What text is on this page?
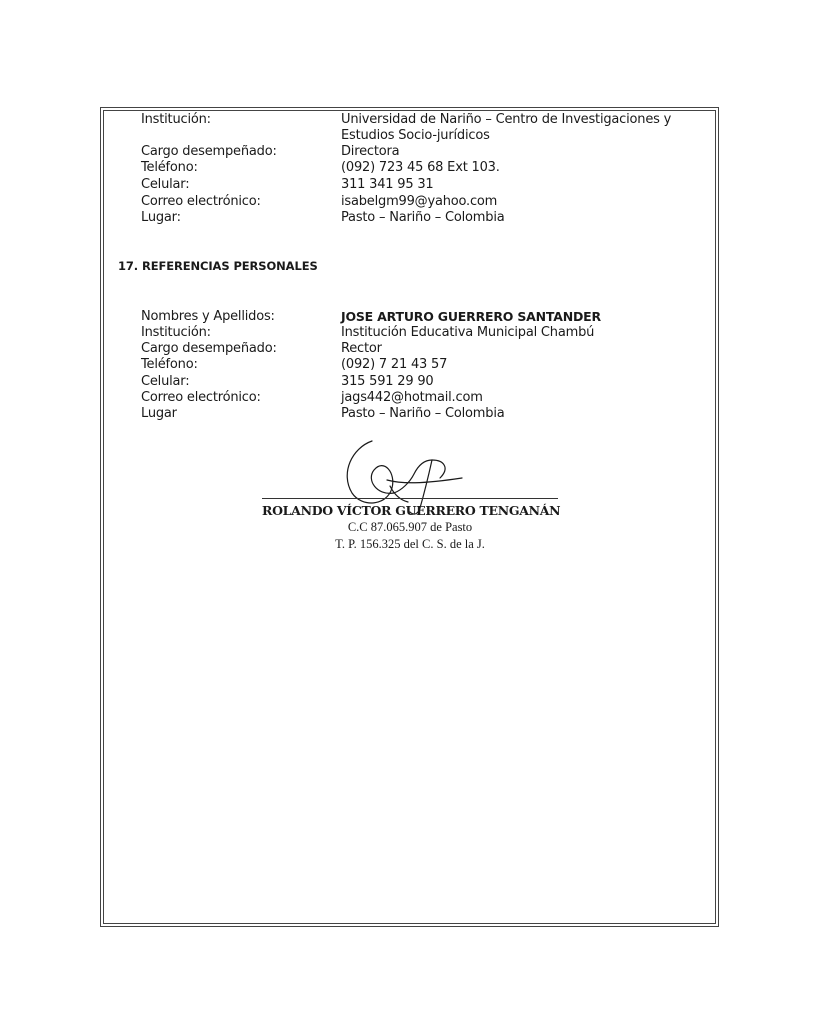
Institución:	Universidad de Nariño – Centro de Investigaciones y
Estudios Socio-jurídicos
Cargo desempeñado:	Directora
Teléfono:	(092) 723 45 68 Ext 103.
Celular:	311 341 95 31
Correo electrónico:	isabelgm99@yahoo.com
Lugar:	Pasto – Nariño – Colombia
17. REFERENCIAS PERSONALES
Nombres y Apellidos:	JOSE ARTURO GUERRERO SANTANDER
Institución:	Institución Educativa Municipal Chambú
Cargo desempeñado:	Rector
Teléfono:	(092) 7 21 43 57
Celular:	315 591 29 90
Correo electrónico:	jags442@hotmail.com
Lugar	Pasto – Nariño – Colombia
ROLANDO VÍCTOR GUERRERO TENGANÁN
C.C 87.065.907 de Pasto
T. P. 156.325 del C. S. de la J.
